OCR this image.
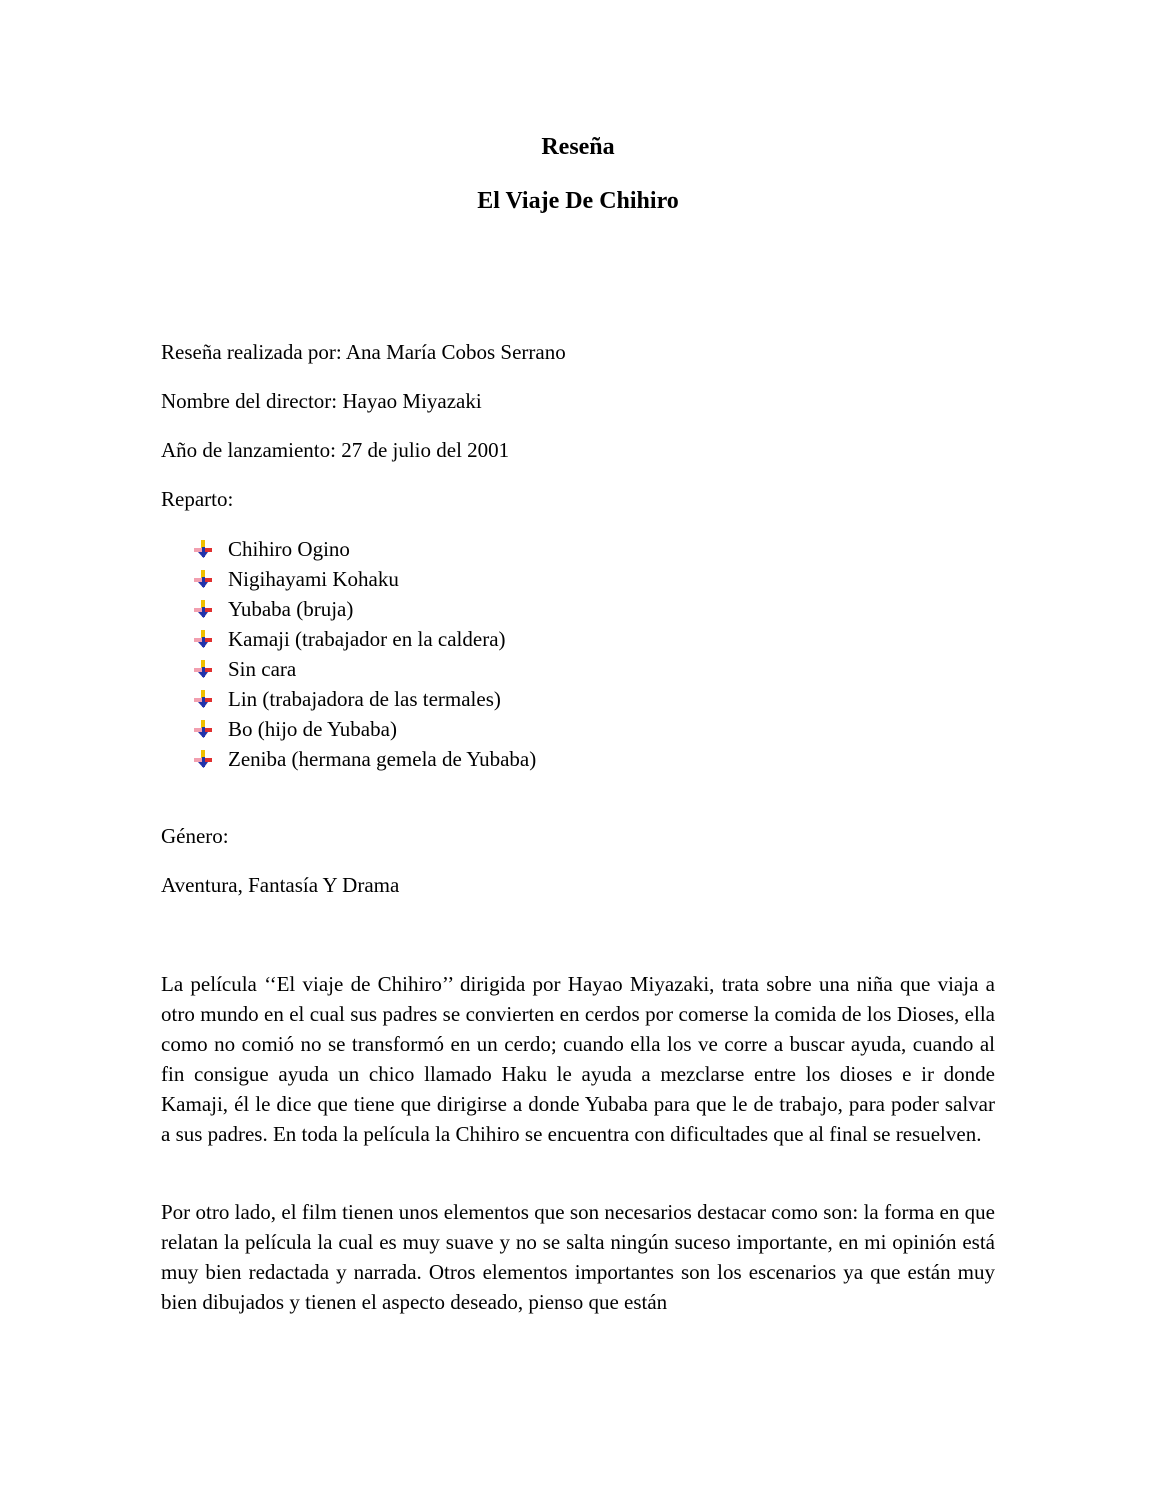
Reseña
El Viaje De Chihiro
Reseña realizada por: Ana María Cobos Serrano
Nombre del director: Hayao Miyazaki
Año de lanzamiento: 27 de julio del 2001
Reparto:
Chihiro Ogino
Nigihayami Kohaku
Yubaba (bruja)
Kamaji (trabajador en la caldera)
Sin cara
Lin (trabajadora de las termales)
Bo (hijo de Yubaba)
Zeniba (hermana gemela de Yubaba)
Género:
Aventura, Fantasía Y Drama

La película ‘‘El viaje de Chihiro’’ dirigida por Hayao Miyazaki, trata sobre una niña que viaja a otro mundo en el cual sus padres se convierten en cerdos por comerse la comida de los Dioses, ella como no comió no se transformó en un cerdo; cuando ella los ve corre a buscar ayuda, cuando al fin consigue ayuda un chico llamado Haku le ayuda a mezclarse entre los dioses e ir donde Kamaji, él le dice que tiene que dirigirse a donde Yubaba para que le de trabajo, para poder salvar a sus padres. En toda la película la Chihiro se encuentra con dificultades que al final se resuelven.

Por otro lado, el film tienen unos elementos que son necesarios destacar como son: la forma en que relatan la película la cual es muy suave y no se salta ningún suceso importante, en mi opinión está muy bien redactada y narrada. Otros elementos importantes son los escenarios ya que están muy bien dibujados y tienen el aspecto deseado, pienso que están
